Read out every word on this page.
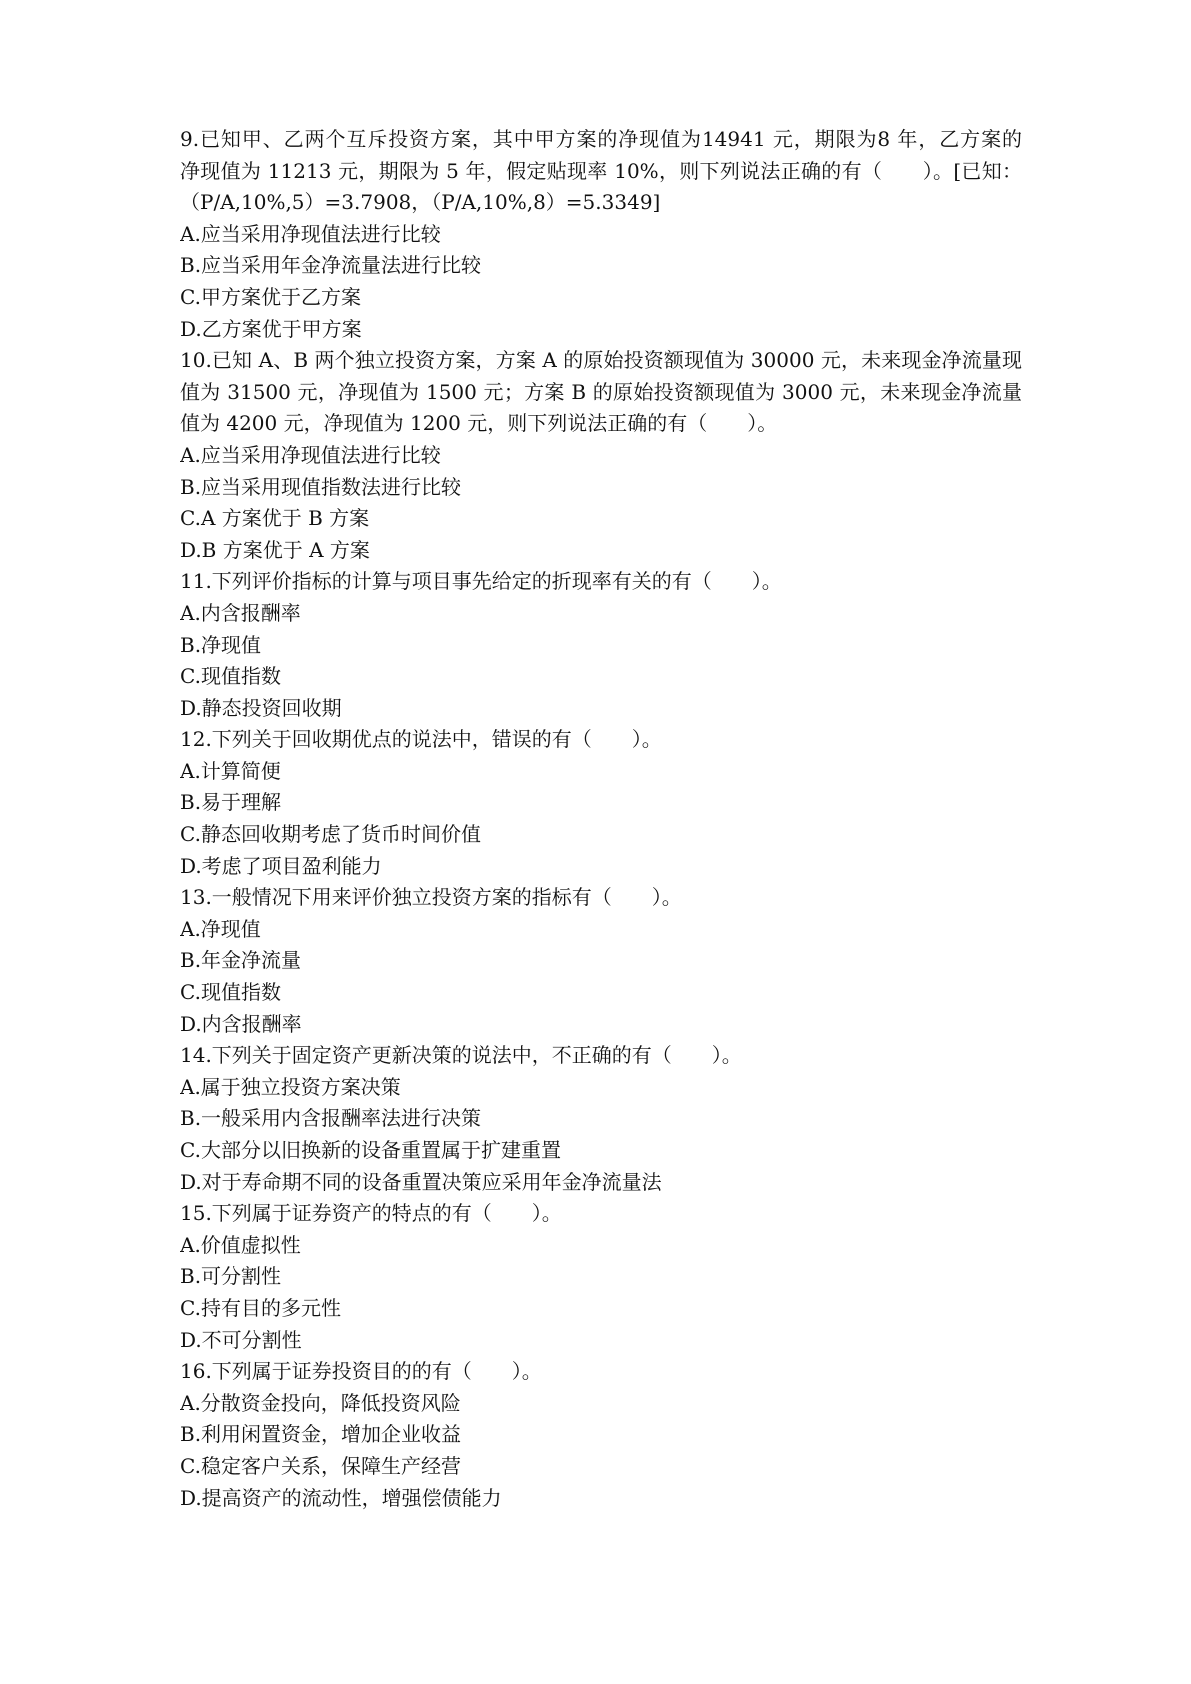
9.已知甲、乙两个互斥投资方案，其中甲方案的净现值为14941 元，期限为8 年，乙方案的
净现值为 11213 元，期限为 5 年，假定贴现率 10%，则下列说法正确的有（　　）。[已知：
（P/A,10%,5）=3.7908，（P/A,10%,8）=5.3349]
A.应当采用净现值法进行比较
B.应当采用年金净流量法进行比较
C.甲方案优于乙方案
D.乙方案优于甲方案
10.已知 A、B 两个独立投资方案，方案 A 的原始投资额现值为 30000 元，未来现金净流量现
值为 31500 元，净现值为 1500 元；方案 B 的原始投资额现值为 3000 元，未来现金净流量
值为 4200 元，净现值为 1200 元，则下列说法正确的有（　　）。
A.应当采用净现值法进行比较
B.应当采用现值指数法进行比较
C.A 方案优于 B 方案
D.B 方案优于 A 方案
11.下列评价指标的计算与项目事先给定的折现率有关的有（　　）。
A.内含报酬率
B.净现值
C.现值指数
D.静态投资回收期
12.下列关于回收期优点的说法中，错误的有（　　）。
A.计算简便
B.易于理解
C.静态回收期考虑了货币时间价值
D.考虑了项目盈利能力
13.一般情况下用来评价独立投资方案的指标有（　　）。
A.净现值
B.年金净流量
C.现值指数
D.内含报酬率
14.下列关于固定资产更新决策的说法中，不正确的有（　　）。
A.属于独立投资方案决策
B.一般采用内含报酬率法进行决策
C.大部分以旧换新的设备重置属于扩建重置
D.对于寿命期不同的设备重置决策应采用年金净流量法
15.下列属于证券资产的特点的有（　　）。
A.价值虚拟性
B.可分割性
C.持有目的多元性
D.不可分割性
16.下列属于证券投资目的的有（　　）。
A.分散资金投向，降低投资风险
B.利用闲置资金，增加企业收益
C.稳定客户关系，保障生产经营
D.提高资产的流动性，增强偿债能力
